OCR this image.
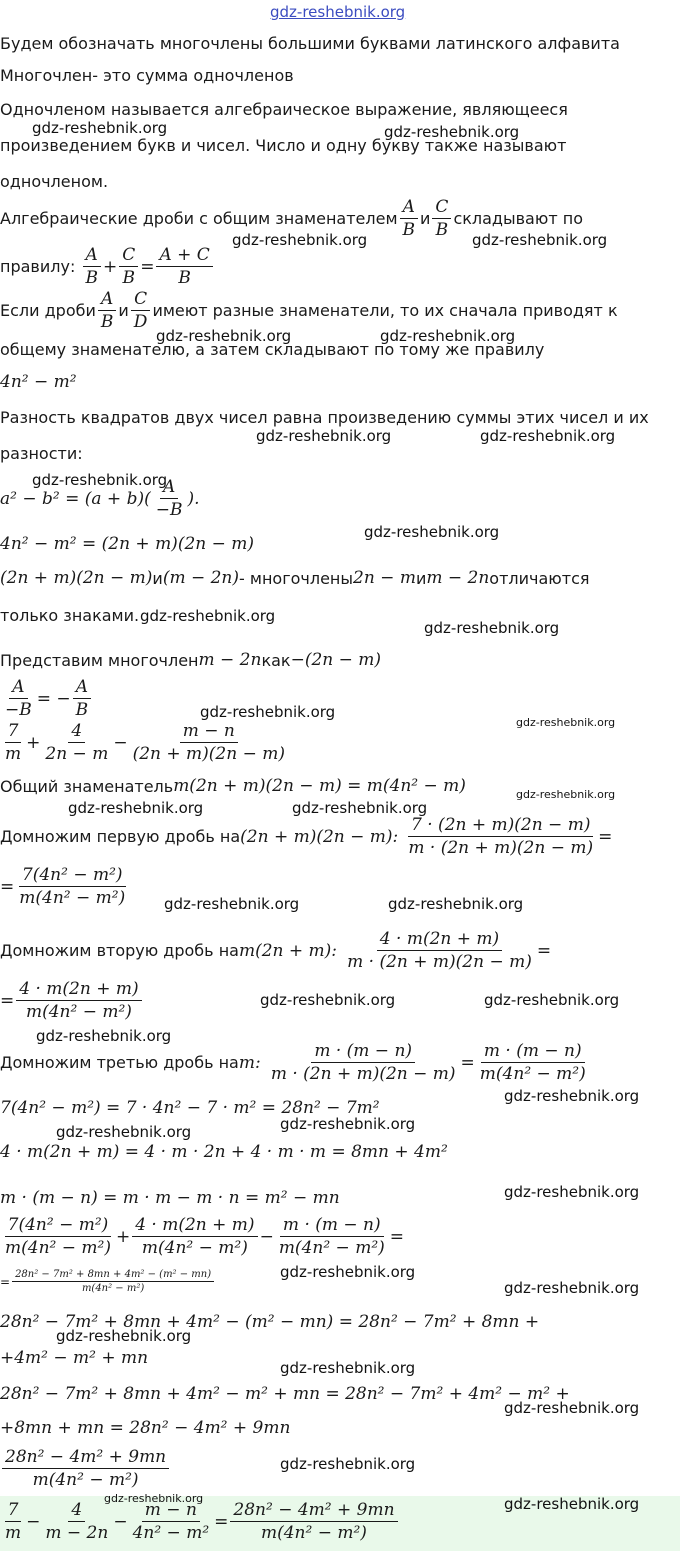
gdz-reshebnik.org
Будем обозначать многочлены большими буквами латинского алфавита
Многочлен- это сумма одночленов
Одночленом называется алгебраическое выражение, являющееся
произведением букв и чисел. Число и одну букву также называют
одночленом.
Алгебраические дроби с общим знаменателем $\frac{A}{B}$ и $\frac{C}{B}$ складывают по
правилу:
$\frac{A}{B} + \frac{C}{B} = \frac{A + C}{B}$
Если дроби $\frac{A}{B}$ и $\frac{C}{D}$ имеют разные знаменатели, то их сначала приводят к
общему знаменателю, а затем складывают по тому же правилу
4n² − m²
Разность квадратов двух чисел равна произведению суммы этих чисел и их
разности:
$a^2 - b^2 = (a + b)( \frac{A}{-B}$ ).
4n² − m² = (2n + m)(2n − m)
(2n + m)(2n − m) и (m − 2n) - многочлены 2n − m и m − 2n отличаются
только знаками.
Представим многочлен m − 2n как −(2n − m)
$\frac{A}{-B}$ = − $\frac{A}{B}$
$\frac{7}{m} + \frac{4}{2n - m} - \frac{m - n}{(2n + m)(2n - m)}$
Общий знаменатель m(2n + m)(2n − m) = m(4n² − m)
Домножим первую дробь на (2n + m)(2n − m):
$\frac{7 \cdot (2n + m)(2n - m)}{m \cdot (2n + m)(2n - m)}$ =
= $\frac{\text{7(4n² − m²)}}{\text{m(4n² − m²)}}$
Домножим вторую дробь на m(2n + m):
$\frac{4 \cdot m(2n + m)}{m \cdot (2n + m)(2n - m)}$ =
= $\frac{4 \cdot m(2n + m)}{\text{m(4n² − m²)}}$
Домножим третью дробь на m:
$\frac{m \cdot (m - n)}{m \cdot (2n + m)(2n - m)} = \frac{m \cdot (m - n)}{\text{m(4n² − m²)}}$
7(4n² − m²) = 7 · 4n² − 7 · m² = 28n² − 7m²
4 · m(2n + m) = 4 · m · 2n + 4 · m · m = 8mn + 4m²
m · (m − n) = m · m − m · n = m² − mn
$\frac{\text{7(4n² − m²)}}{\text{m(4n² − m²)}} + \frac{4 \cdot m(2n + m)}{\text{m(4n² − m²)}} - \frac{m \cdot (m - n)}{\text{m(4n² − m²)}}$ =
= $\frac{\text{28n² − 7m² + 8mn + 4m² − (m² − mn)}}{\text{m(4n² − m²)}}$
28n² − 7m² + 8mn + 4m² − (m² − mn) = 28n² − 7m² + 8mn +
+4m² − m² + mn
28n² − 7m² + 8mn + 4m² − m² + mn = 28n² − 7m² + 4m² − m² +
+8mn + mn = 28n² − 4m² + 9mn
$\frac{\text{28n² − 4m² + 9mn}}{\text{m(4n² − m²)}}$
$\frac{7}{m} - \frac{4}{m - 2n} - \frac{m - n}{\text{4n² − m²}} = \frac{\text{28n² − 4m² + 9mn}}{\text{m(4n² − m²)}}$
gdz-reshebnik.org	gdz-reshebnik.org
gdz-reshebnik.org	gdz-reshebnik.org
gdz-reshebnik.org	gdz-reshebnik.org
gdz-reshebnik.org	gdz-reshebnik.org
gdz-reshebnik.org
gdz-reshebnik.org
gdz-reshebnik.org
gdz-reshebnik.org
gdz-reshebnik.org
gdz-reshebnik.org
gdz-reshebnik.org
gdz-reshebnik.org	gdz-reshebnik.org
gdz-reshebnik.org	gdz-reshebnik.org
gdz-reshebnik.org	gdz-reshebnik.org
gdz-reshebnik.org
gdz-reshebnik.org
gdz-reshebnik.org	gdz-reshebnik.org
gdz-reshebnik.org
gdz-reshebnik.org
gdz-reshebnik.org
gdz-reshebnik.org
gdz-reshebnik.org
gdz-reshebnik.org
gdz-reshebnik.org
gdz-reshebnik.org	gdz-reshebnik.org
